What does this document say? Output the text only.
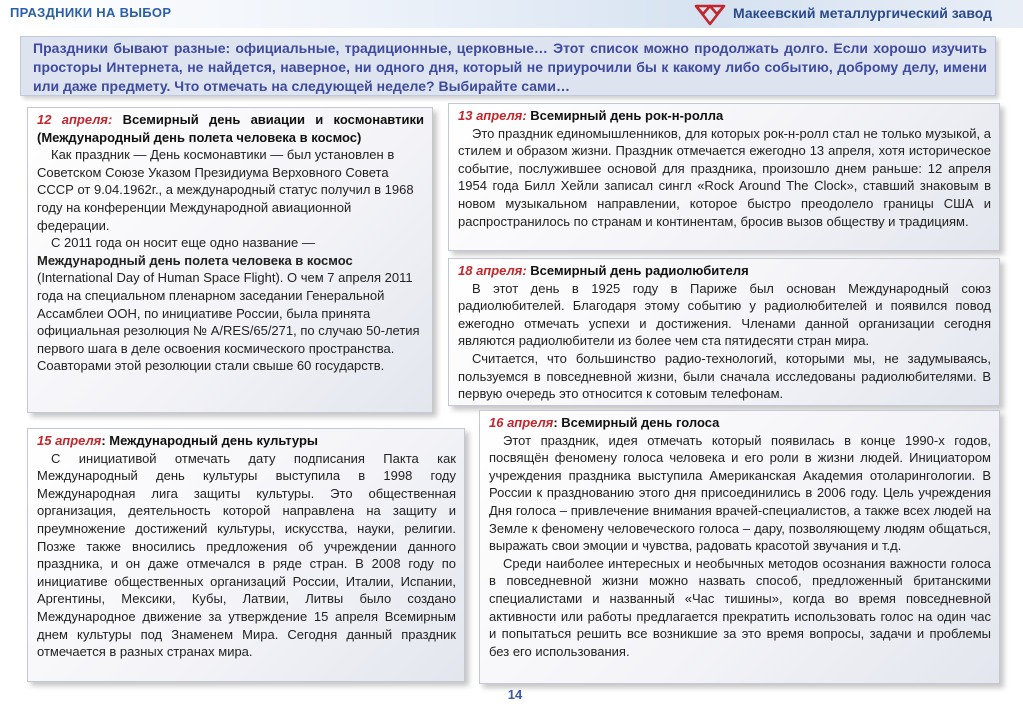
ПРАЗДНИКИ НА ВЫБОР	Макеевский металлургический завод
Праздники бывают разные: официальные, традиционные, церковные… Этот список можно продолжать долго. Если хорошо изучить просторы Интернета, не найдется, наверное, ни одного дня, который не приурочили бы к какому либо событию, доброму делу, имени или даже предмету. Что отмечать на следующей неделе? Выбирайте сами…

12 апреля: Всемирный день авиации и космонавтики (Международный день полета человека в космос)

Как праздник — День космонавтики — был установлен в Советском Союзе Указом Президиума Верховного Совета СССР от 9.04.1962г., а международный статус получил в 1968 году на конференции Международной авиационной федерации.

С 2011 года он носит еще одно название —
Международный день полета человека в космос
(International Day of Human Space Flight). О чем 7 апреля 2011 года на специальном пленарном заседании Генеральной Ассамблеи ООН, по инициативе России, была принята официальная резолюция № A/RES/65/271, по случаю 50-летия первого шага в деле освоения космического пространства. Соавторами этой резолюции стали свыше 60 государств.

13 апреля: Всемирный день рок-н-ролла

Это праздник единомышленников, для которых рок-н-ролл стал не только музыкой, а стилем и образом жизни. Праздник отмечается ежегодно 13 апреля, хотя историческое событие, послужившее основой для праздника, произошло днем раньше: 12 апреля 1954 года Билл Хейли записал сингл «Rock Around The Clock», ставший знаковым в новом музыкальном направлении, которое быстро преодолело границы США и распространилось по странам и континентам, бросив вызов обществу и традициям.

18 апреля: Всемирный день радиолюбителя

В этот день в 1925 году в Париже был основан Международный союз радиолюбителей. Благодаря этому событию у радиолюбителей и появился повод ежегодно отмечать успехи и достижения. Членами данной организации сегодня являются радиолюбители из более чем ста пятидесяти стран мира.

Считается, что большинство радио-технологий, которыми мы, не задумываясь, пользуемся в повседневной жизни, были сначала исследованы радиолюбителями. В первую очередь это относится к сотовым телефонам.

15 апреля: Международный день культуры

С инициативой отмечать дату подписания Пакта как Международный день культуры выступила в 1998 году Международная лига защиты культуры. Это общественная организация, деятельность которой направлена на защиту и преумножение достижений культуры, искусства, науки, религии. Позже также вносились предложения об учреждении данного праздника, и он даже отмечался в ряде стран. В 2008 году по инициативе общественных организаций России, Италии, Испании, Аргентины, Мексики, Кубы, Латвии, Литвы было создано Международное движение за утверждение 15 апреля Всемирным днем культуры под Знаменем Мира. Сегодня данный праздник отмечается в разных странах мира.

16 апреля: Всемирный день голоса

Этот праздник, идея отмечать который появилась в конце 1990-х годов, посвящён феномену голоса человека и его роли в жизни людей. Инициатором учреждения праздника выступила Американская Академия отоларингологии. В России к празднованию этого дня присоединились в 2006 году. Цель учреждения Дня голоса – привлечение внимания врачей-специалистов, а также всех людей на Земле к феномену человеческого голоса – дару, позволяющему людям общаться, выражать свои эмоции и чувства, радовать красотой звучания и т.д.

Среди наиболее интересных и необычных методов осознания важности голоса в повседневной жизни можно назвать способ, предложенный британскими специалистами и названный «Час тишины», когда во время повседневной активности или работы предлагается прекратить использовать голос на один час и попытаться решить все возникшие за это время вопросы, задачи и проблемы без его использования.

14
